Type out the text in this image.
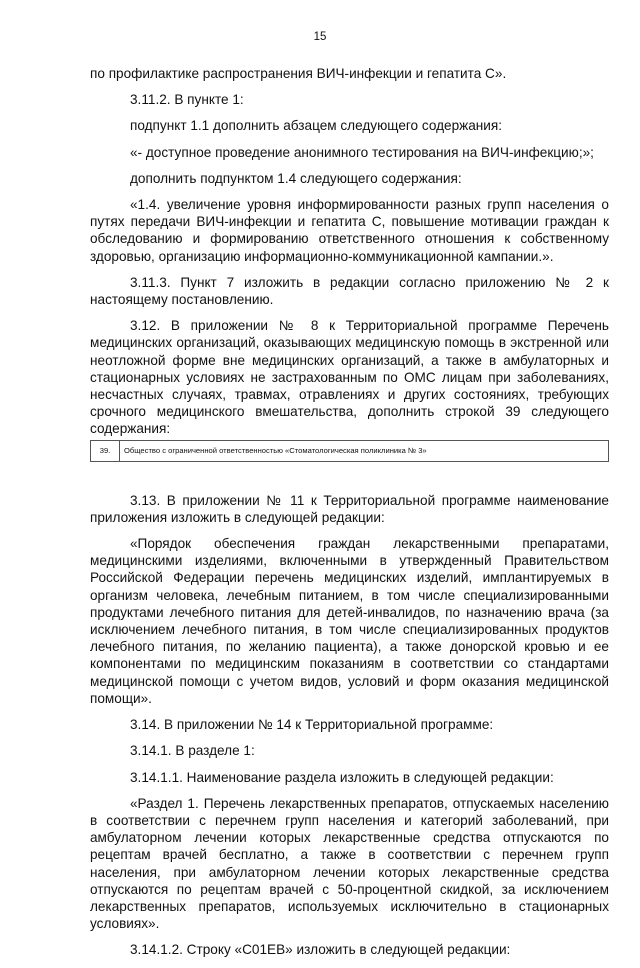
15

по профилактике распространения ВИЧ-инфекции и гепатита С».

3.11.2. В пункте 1:

подпункт 1.1 дополнить абзацем следующего содержания:

«- доступное проведение анонимного тестирования на ВИЧ-инфекцию;»;

дополнить подпунктом 1.4 следующего содержания:

«1.4. увеличение уровня информированности разных групп населения о путях передачи ВИЧ-инфекции и гепатита С, повышение мотивации граждан к обследованию и формированию ответственного отношения к собственному здоровью, организацию информационно-коммуникационной кампании.».

3.11.3. Пункт 7 изложить в редакции согласно приложению № 2 к настоящему постановлению.

3.12. В приложении № 8 к Территориальной программе Перечень медицинских организаций, оказывающих медицинскую помощь в экстренной или неотложной форме вне медицинских организаций, а также в амбулаторных и стационарных условиях не застрахованным по ОМС лицам при заболеваниях, несчастных случаях, травмах, отравлениях и других состояниях, требующих срочного медицинского вмешательства, дополнить строкой 39 следующего содержания:

39.	Общество с ограниченной ответственностью «Стоматологическая поликлиника № 3»

3.13. В приложении № 11 к Территориальной программе наименование приложения изложить в следующей редакции:

«Порядок обеспечения граждан лекарственными препаратами, медицинскими изделиями, включенными в утвержденный Правительством Российской Федерации перечень медицинских изделий, имплантируемых в организм человека, лечебным питанием, в том числе специализированными продуктами лечебного питания для детей-инвалидов, по назначению врача (за исключением лечебного питания, в том числе специализированных продуктов лечебного питания, по желанию пациента), а также донорской кровью и ее компонентами по медицинским показаниям в соответствии со стандартами медицинской помощи с учетом видов, условий и форм оказания медицинской помощи».

3.14. В приложении № 14 к Территориальной программе:

3.14.1. В разделе 1:

3.14.1.1. Наименование раздела изложить в следующей редакции:

«Раздел 1. Перечень лекарственных препаратов, отпускаемых населению в соответствии с перечнем групп населения и категорий заболеваний, при амбулаторном лечении которых лекарственные средства отпускаются по рецептам врачей бесплатно, а также в соответствии с перечнем групп населения, при амбулаторном лечении которых лекарственные средства отпускаются по рецептам врачей с 50-процентной скидкой, за исключением лекарственных препаратов, используемых исключительно в стационарных условиях».

3.14.1.2. Строку «С01ЕВ» изложить в следующей редакции:
